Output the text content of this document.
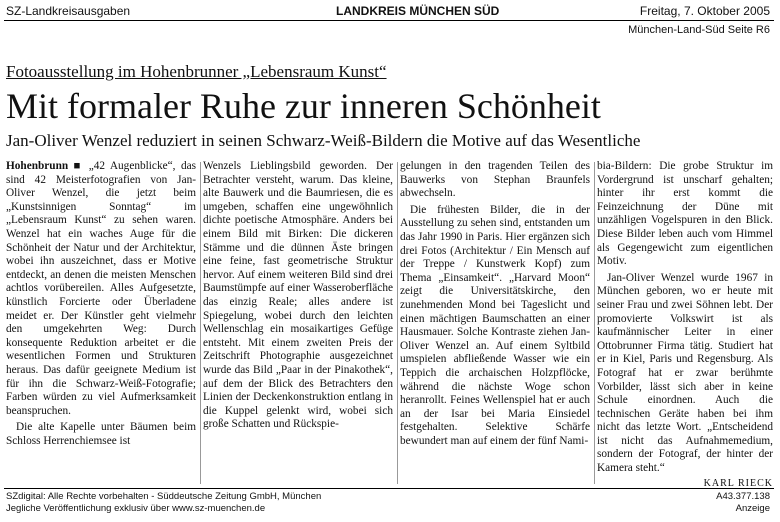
SZ-Landkreisausgaben	LANDKREIS MÜNCHEN SÜD	Freitag, 7. Oktober 2005
München-Land-Süd Seite R6
Fotoausstellung im Hohenbrunner „Lebensraum Kunst“
Mit formaler Ruhe zur inneren Schönheit
Jan-Oliver Wenzel reduziert in seinen Schwarz-Weiß-Bildern die Motive auf das Wesentliche

Hohenbrunn ■ „42 Augenblicke“, das sind 42 Meisterfotografien von Jan-Oliver Wenzel, die jetzt beim „Kunstsinnigen Sonntag“ im „Lebensraum Kunst“ zu sehen waren. Wenzel hat ein waches Auge für die Schönheit der Natur und der Architektur, wobei ihn auszeichnet, dass er Motive entdeckt, an denen die meisten Menschen achtlos vorübereilen. Alles Aufgesetzte, künstlich Forcierte oder Überladene meidet er. Der Künstler geht vielmehr den umgekehrten Weg: Durch konsequente Reduktion arbeitet er die wesentlichen Formen und Strukturen heraus. Das dafür geeignete Medium ist für ihn die Schwarz-Weiß-Fotografie; Farben würden zu viel Aufmerksamkeit beanspruchen.

Die alte Kapelle unter Bäumen beim Schloss Herrenchiemsee ist

Wenzels Lieblingsbild geworden. Der Betrachter versteht, warum. Das kleine, alte Bauwerk und die Baumriesen, die es umgeben, schaffen eine ungewöhnlich dichte poetische Atmosphäre. Anders bei einem Bild mit Birken: Die dickeren Stämme und die dünnen Äste bringen eine feine, fast geometrische Struktur hervor. Auf einem weiteren Bild sind drei Baumstümpfe auf einer Wasseroberfläche das einzig Reale; alles andere ist Spiegelung, wobei durch den leichten Wellenschlag ein mosaikartiges Gefüge entsteht. Mit einem zweiten Preis der Zeitschrift Photographie ausgezeichnet wurde das Bild „Paar in der Pinakothek“, auf dem der Blick des Betrachters den Linien der Deckenkonstruktion entlang in die Kuppel gelenkt wird, wobei sich große Schatten und Rückspie-

gelungen in den tragenden Teilen des Bauwerks von Stephan Braunfels abwechseln.

Die frühesten Bilder, die in der Ausstellung zu sehen sind, entstanden um das Jahr 1990 in Paris. Hier ergänzen sich drei Fotos (Architektur / Ein Mensch auf der Treppe / Kunstwerk Kopf) zum Thema „Einsamkeit“. „Harvard Moon“ zeigt die Universitätskirche, den zunehmenden Mond bei Tageslicht und einen mächtigen Baumschatten an einer Hausmauer. Solche Kontraste ziehen Jan-Oliver Wenzel an. Auf einem Syltbild umspielen abfließende Wasser wie ein Teppich die archaischen Holzpflöcke, während die nächste Woge schon heranrollt. Feines Wellenspiel hat er auch an der Isar bei Maria Einsiedel festgehalten. Selektive Schärfe bewundert man auf einem der fünf Nami-

bia-Bildern: Die grobe Struktur im Vordergrund ist unscharf gehalten; hinter ihr erst kommt die Feinzeichnung der Düne mit unzähligen Vogelspuren in den Blick. Diese Bilder leben auch vom Himmel als Gegengewicht zum eigentlichen Motiv.

Jan-Oliver Wenzel wurde 1967 in München geboren, wo er heute mit seiner Frau und zwei Söhnen lebt. Der promovierte Volkswirt ist als kaufmännischer Leiter in einer Ottobrunner Firma tätig. Studiert hat er in Kiel, Paris und Regensburg. Als Fotograf hat er zwar berühmte Vorbilder, lässt sich aber in keine Schule einordnen. Auch die technischen Geräte haben bei ihm nicht das letzte Wort. „Entscheidend ist nicht das Aufnahmemedium, sondern der Fotograf, der hinter der Kamera steht.“

KARL RIECK
SZdigital: Alle Rechte vorbehalten - Süddeutsche Zeitung GmbH, München
Jegliche Veröffentlichung exklusiv über www.sz-muenchen.de
A43.377.138
Anzeige
